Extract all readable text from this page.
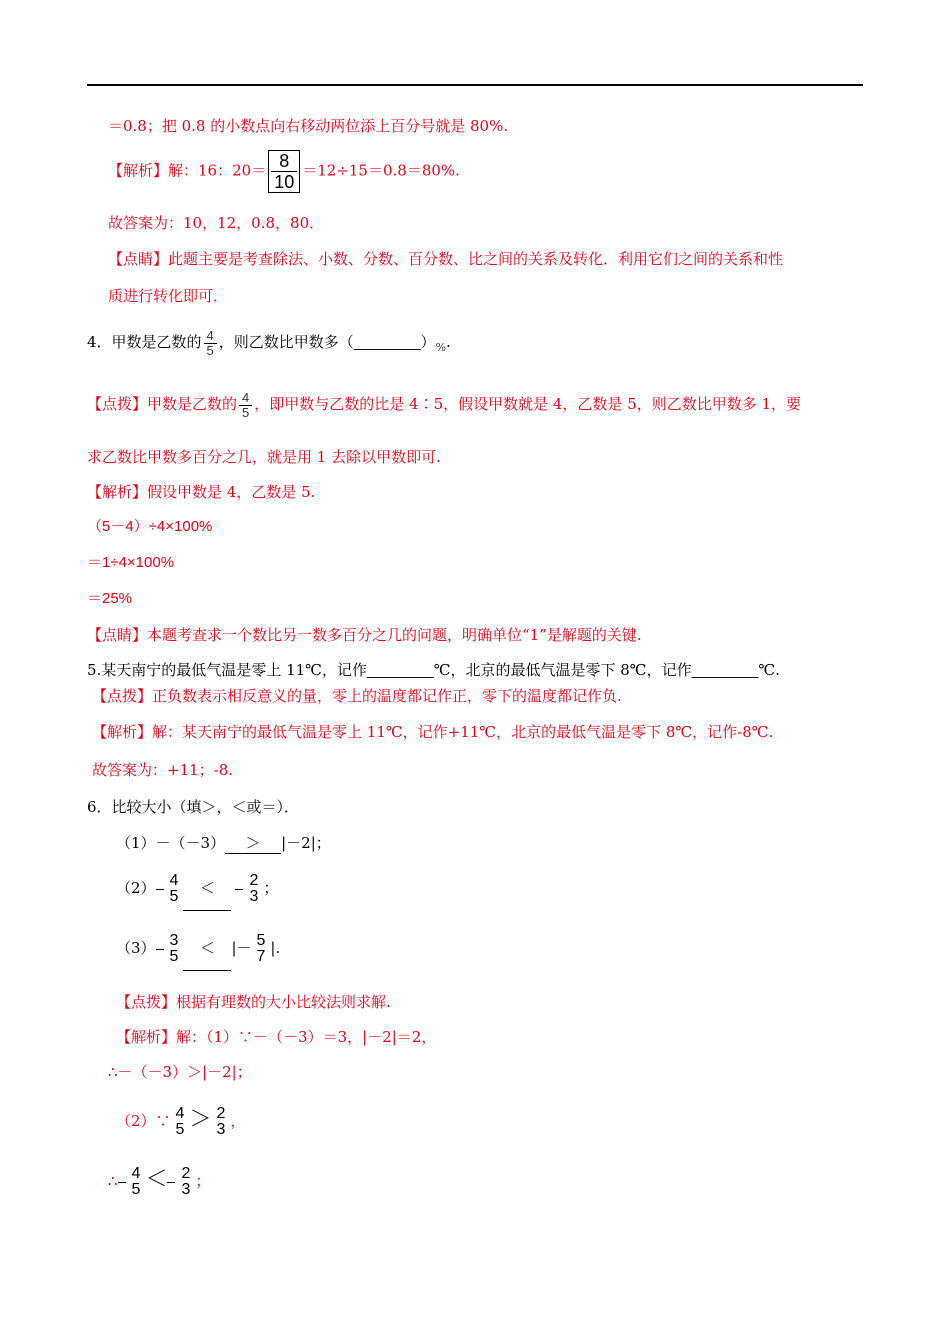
＝0.8；把 0.8 的小数点向右移动两位添上百分号就是 80%.
【解析】解：16：$20= \frac{8}{10} =12\div 15=0.8=80\%$.
故答案为：10，12，0.8，80．
【点睛】此题主要是考查除法、小数、分数、百分数、比之间的关系及转化．利用它们之间的关系和性
质进行转化即可．
4．甲数是乙数的 $\frac{4}{5}$ ，则乙数比甲数多$(\_\_\_\_\_\_\_\_)_{\%}$.
【点拨】甲数是乙数的 $\frac{4}{5}$ ，即甲数与乙数的比是 4∶5，假设甲数就是 4，乙数是 5，则乙数比甲数多 1，要
求乙数比甲数多百分之几，就是用 1 去除以甲数即可.
【解析】假设甲数是 4，乙数是 5.
（5－4）÷4×100%
＝1÷4×100%
＝25%
【点睛】本题考查求一个数比另一数多百分之几的问题，明确单位“1”是解题的关键.
5.某天南宁的最低气温是零上 11℃，记作________℃，北京的最低气温是零下 8℃，记作________℃.
【点拨】正负数表示相反意义的量，零上的温度都记作正，零下的温度都记作负.
【解析】解：某天南宁的最低气温是零上 11℃，记作+11℃，北京的最低气温是零下 8℃，记作-8℃.
故答案为：+11；-8.
6．比较大小（填＞，＜或＝）．
（1）－（－3） ＞ |－2|；
（2） 4
5 ＜ 2
3 ；
（3） 3
5 ＜ |－ 5
7 |.
【点拨】根据有理数的大小比较法则求解.
【解析】解：（1）∵－（－3）＝3，|－2|＝2，
∴－（－3）＞|－2|；
（2）∵ 4
5 ＞ 2
3 ，
∴ 4
5 ＜ 2
3 ；
